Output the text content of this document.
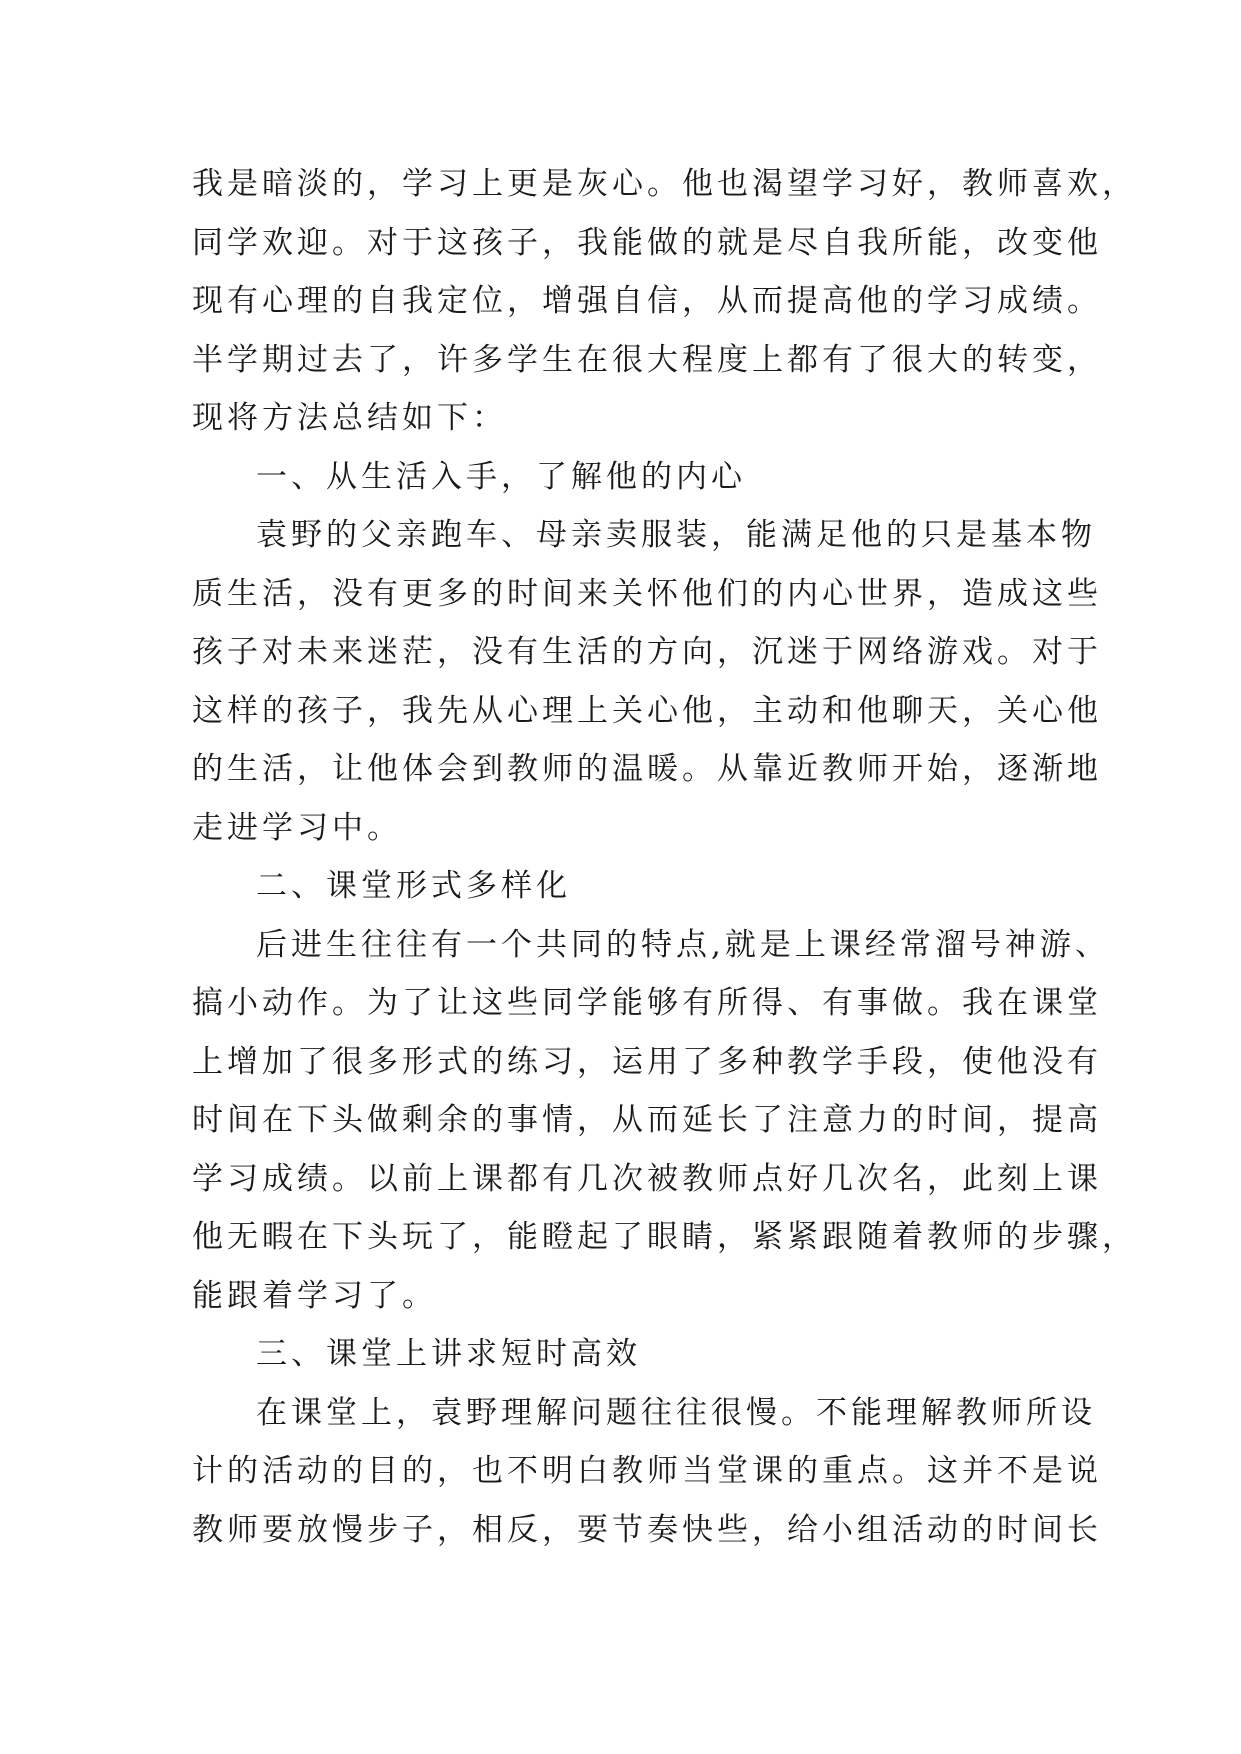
我是暗淡的，学习上更是灰心。他也渴望学习好，教师喜欢，
同学欢迎。对于这孩子，我能做的就是尽自我所能，改变他
现有心理的自我定位，增强自信，从而提高他的学习成绩。
半学期过去了，许多学生在很大程度上都有了很大的转变，
现将方法总结如下：
一、从生活入手，了解他的内心
袁野的父亲跑车、母亲卖服装，能满足他的只是基本物
质生活，没有更多的时间来关怀他们的内心世界，造成这些
孩子对未来迷茫，没有生活的方向，沉迷于网络游戏。对于
这样的孩子，我先从心理上关心他，主动和他聊天，关心他
的生活，让他体会到教师的温暖。从靠近教师开始，逐渐地
走进学习中。
二、课堂形式多样化
后进生往往有一个共同的特点,就是上课经常溜号神游、
搞小动作。为了让这些同学能够有所得、有事做。我在课堂
上增加了很多形式的练习，运用了多种教学手段，使他没有
时间在下头做剩余的事情，从而延长了注意力的时间，提高
学习成绩。以前上课都有几次被教师点好几次名，此刻上课
他无暇在下头玩了，能瞪起了眼睛，紧紧跟随着教师的步骤，
能跟着学习了。
三、课堂上讲求短时高效
在课堂上，袁野理解问题往往很慢。不能理解教师所设
计的活动的目的，也不明白教师当堂课的重点。这并不是说
教师要放慢步子，相反，要节奏快些，给小组活动的时间长
